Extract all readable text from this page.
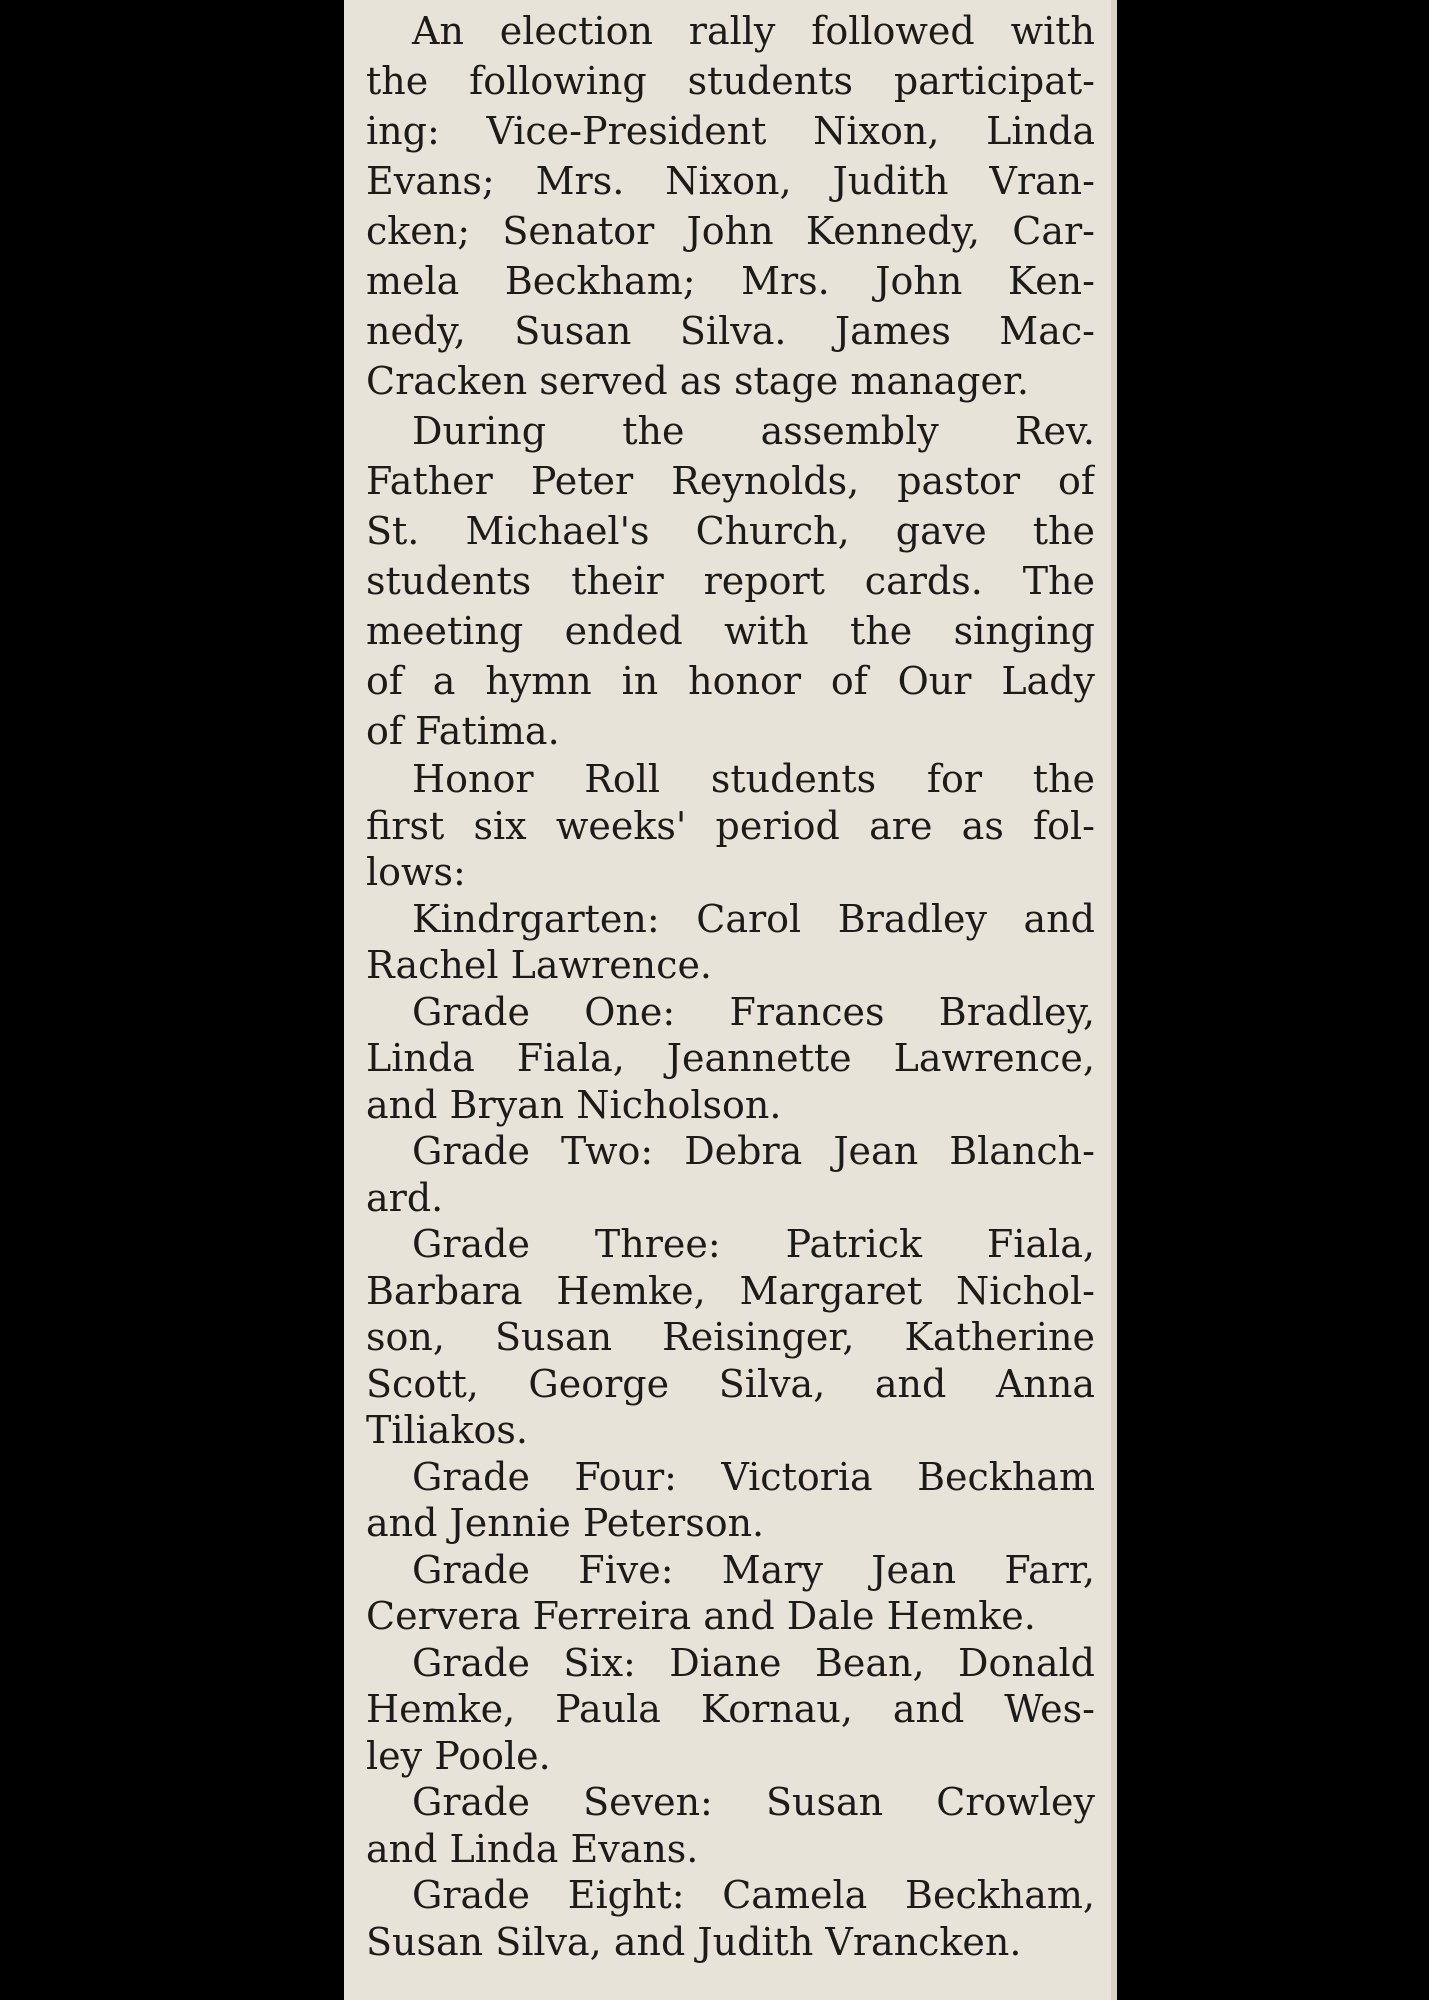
An election rally followed with
the following students participat-
ing: Vice-President Nixon, Linda
Evans; Mrs. Nixon, Judith Vran-
cken; Senator John Kennedy, Car-
mela Beckham; Mrs. John Ken-
nedy, Susan Silva. James Mac-
Cracken served as stage manager.
During the assembly Rev.
Father Peter Reynolds, pastor of
St. Michael's Church, gave the
students their report cards. The
meeting ended with the singing
of a hymn in honor of Our Lady
of Fatima.
Honor Roll students for the
first six weeks' period are as fol-
lows:
Kindrgarten: Carol Bradley and
Rachel Lawrence.
Grade One: Frances Bradley,
Linda Fiala, Jeannette Lawrence,
and Bryan Nicholson.
Grade Two: Debra Jean Blanch-
ard.
Grade Three: Patrick Fiala,
Barbara Hemke, Margaret Nichol-
son, Susan Reisinger, Katherine
Scott, George Silva, and Anna
Tiliakos.
Grade Four: Victoria Beckham
and Jennie Peterson.
Grade Five: Mary Jean Farr,
Cervera Ferreira and Dale Hemke.
Grade Six: Diane Bean, Donald
Hemke, Paula Kornau, and Wes-
ley Poole.
Grade Seven: Susan Crowley
and Linda Evans.
Grade Eight: Camela Beckham,
Susan Silva, and Judith Vrancken.
